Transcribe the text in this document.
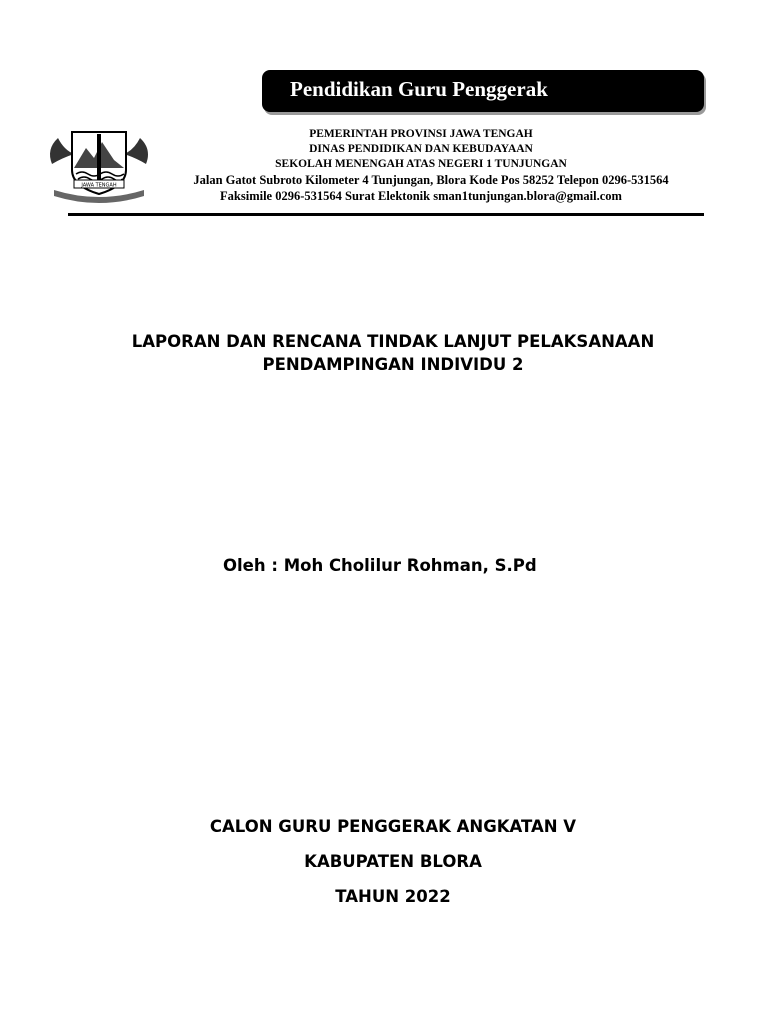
Pendidikan Guru Penggerak
JAWA TENGAH
PEMERINTAH PROVINSI JAWA TENGAH
DINAS PENDIDIKAN DAN KEBUDAYAAN
SEKOLAH MENENGAH ATAS NEGERI 1 TUNJUNGAN
Jalan Gatot Subroto Kilometer 4 Tunjungan, Blora Kode Pos 58252 Telepon 0296-531564
Faksimile 0296-531564 Surat Elektonik sman1tunjungan.blora@gmail.com
LAPORAN DAN RENCANA TINDAK LANJUT PELAKSANAAN
PENDAMPINGAN INDIVIDU 2
Oleh : Moh Cholilur Rohman, S.Pd
CALON GURU PENGGERAK ANGKATAN V
KABUPATEN BLORA
TAHUN 2022
